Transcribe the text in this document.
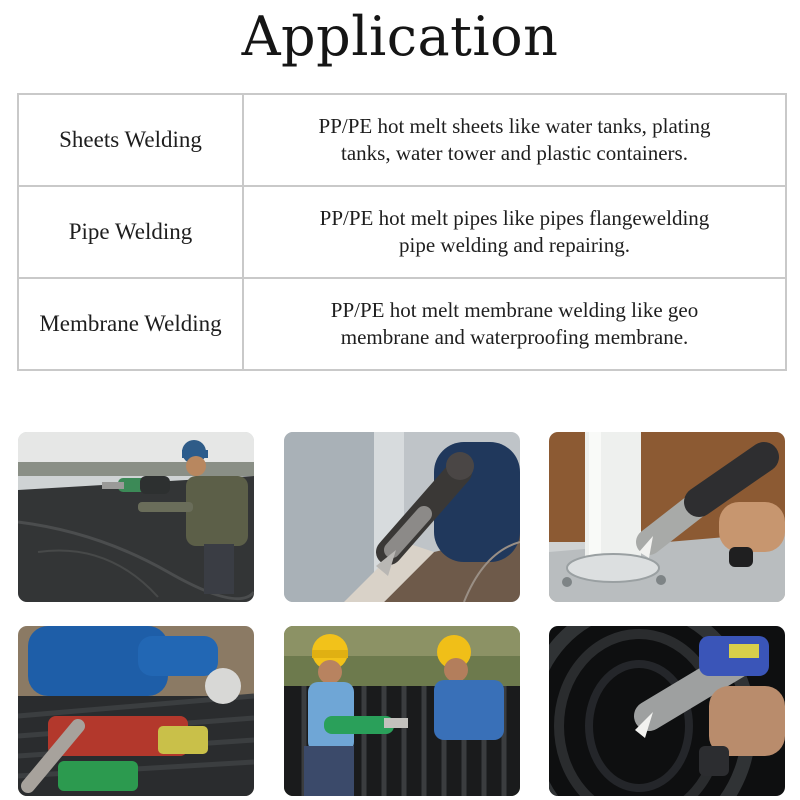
Application
Sheets Welding	PP/PE hot melt sheets like water tanks, plating
tanks, water tower and plastic containers.
Pipe Welding	PP/PE hot melt pipes like pipes flangewelding
pipe welding and repairing.
Membrane Welding	PP/PE hot melt membrane welding like geo
membrane and waterproofing membrane.
